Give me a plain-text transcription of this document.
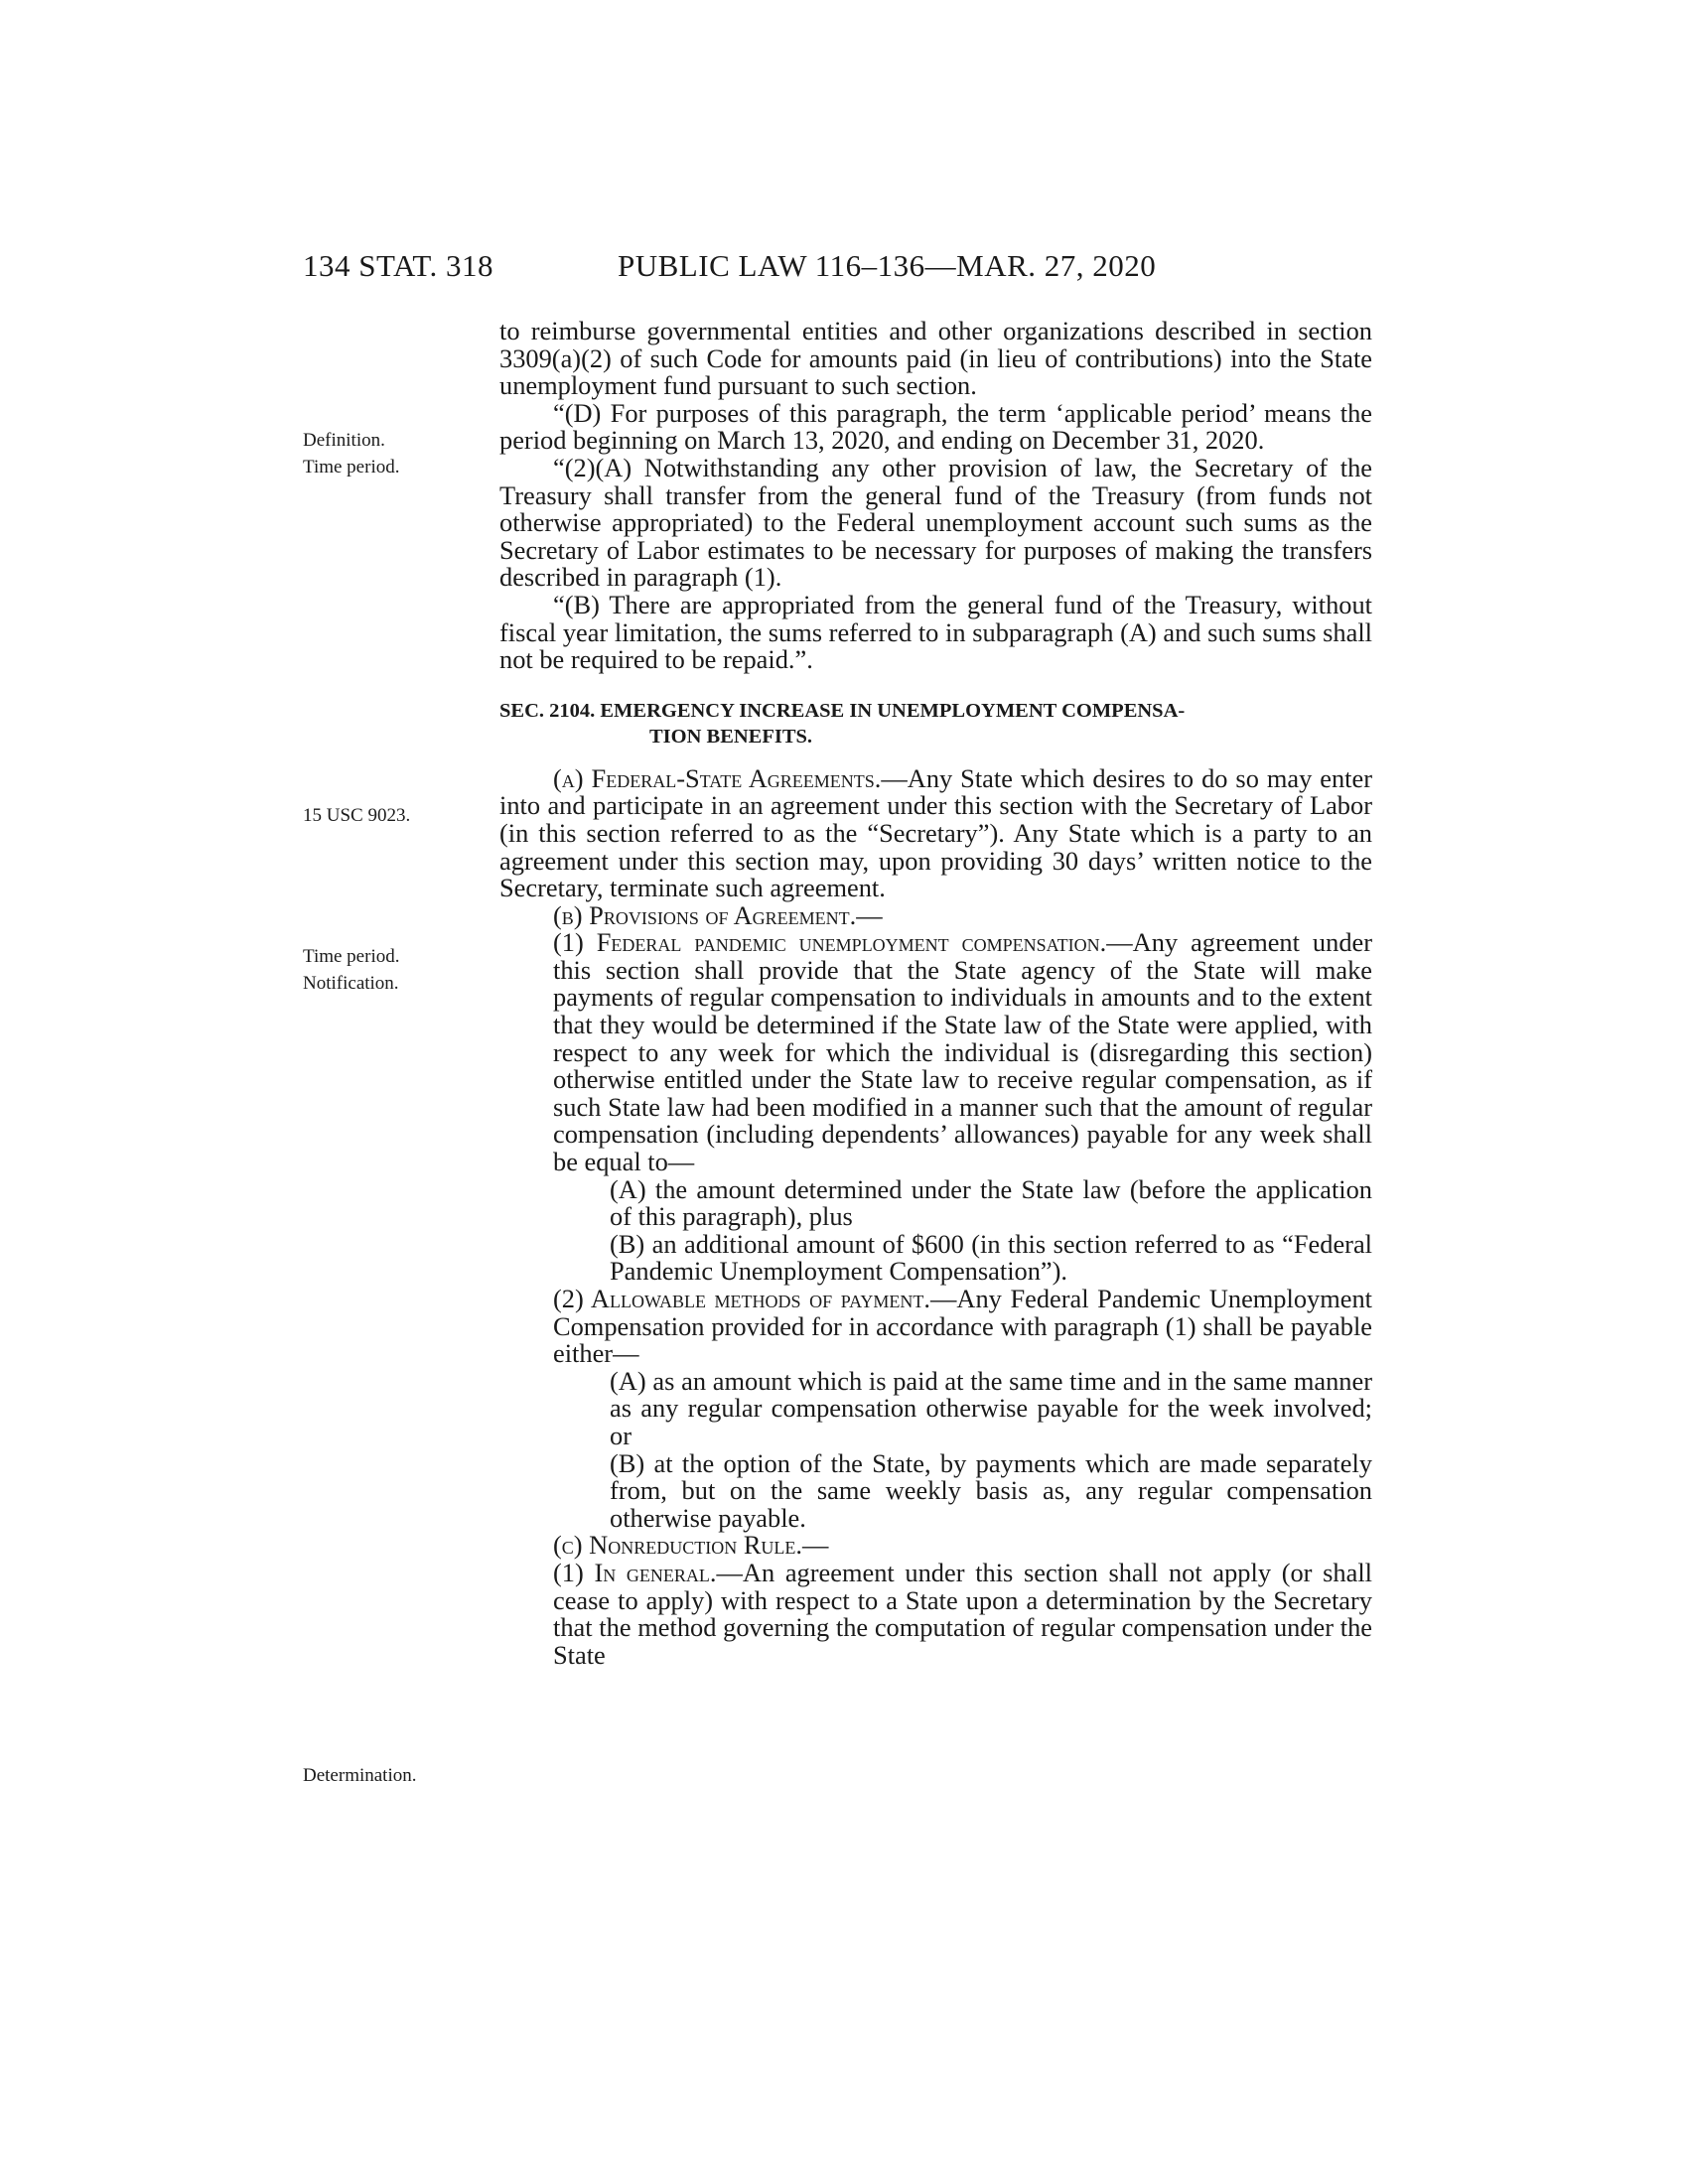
134 STAT. 318	PUBLIC LAW 116–136—MAR. 27, 2020
Definition.
Time period.
15 USC 9023.
Time period.
Notification.
Determination.

to reimburse governmental entities and other organizations described in section 3309(a)(2) of such Code for amounts paid (in lieu of contributions) into the State unemployment fund pursuant to such section.

“(D) For purposes of this paragraph, the term ‘applicable period’ means the period beginning on March 13, 2020, and ending on December 31, 2020.

“(2)(A) Notwithstanding any other provision of law, the Secretary of the Treasury shall transfer from the general fund of the Treasury (from funds not otherwise appropriated) to the Federal unemployment account such sums as the Secretary of Labor estimates to be necessary for purposes of making the transfers described in paragraph (1).

“(B) There are appropriated from the general fund of the Treasury, without fiscal year limitation, the sums referred to in subparagraph (A) and such sums shall not be required to be repaid.”.

SEC. 2104. EMERGENCY INCREASE IN UNEMPLOYMENT COMPENSA-
TION BENEFITS.

(a) Federal-State Agreements.—Any State which desires to do so may enter into and participate in an agreement under this section with the Secretary of Labor (in this section referred to as the “Secretary”). Any State which is a party to an agreement under this section may, upon providing 30 days’ written notice to the Secretary, terminate such agreement.

(b) Provisions of Agreement.—

(1) Federal pandemic unemployment compensation.—Any agreement under this section shall provide that the State agency of the State will make payments of regular compensation to individuals in amounts and to the extent that they would be determined if the State law of the State were applied, with respect to any week for which the individual is (disregarding this section) otherwise entitled under the State law to receive regular compensation, as if such State law had been modified in a manner such that the amount of regular compensation (including dependents’ allowances) payable for any week shall be equal to—

(A) the amount determined under the State law (before the application of this paragraph), plus

(B) an additional amount of $600 (in this section referred to as “Federal Pandemic Unemployment Compensation”).

(2) Allowable methods of payment.—Any Federal Pandemic Unemployment Compensation provided for in accordance with paragraph (1) shall be payable either—

(A) as an amount which is paid at the same time and in the same manner as any regular compensation otherwise payable for the week involved; or

(B) at the option of the State, by payments which are made separately from, but on the same weekly basis as, any regular compensation otherwise payable.

(c) Nonreduction Rule.—

(1) In general.—An agreement under this section shall not apply (or shall cease to apply) with respect to a State upon a determination by the Secretary that the method governing the computation of regular compensation under the State
